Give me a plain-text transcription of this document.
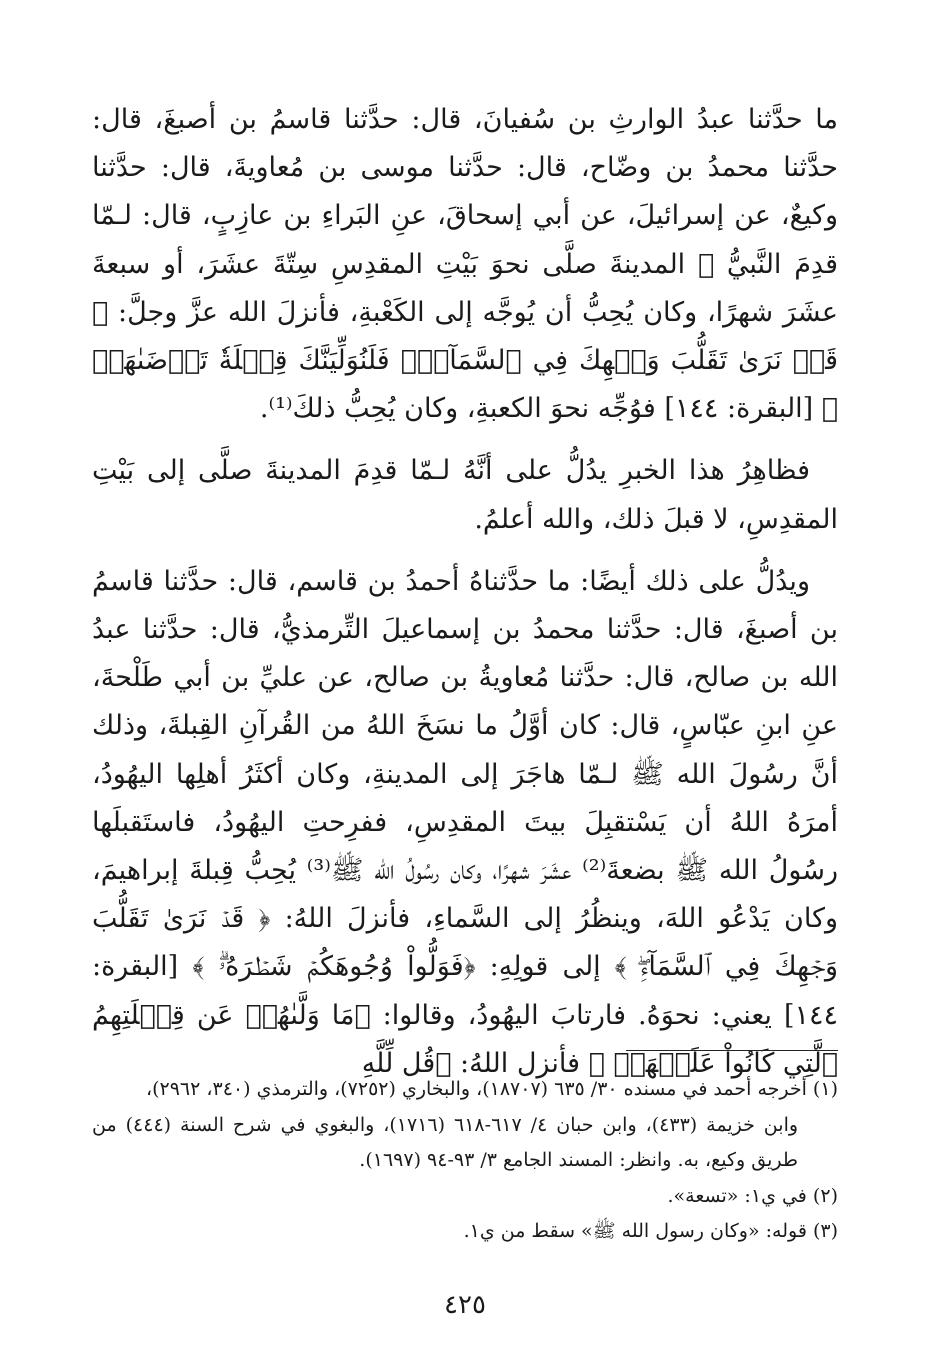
ما حدَّثنا عبدُ الوارثِ بن سُفيانَ، قال: حدَّثنا قاسمُ بن أصبغَ، قال: حدَّثنا محمدُ بن وضّاح، قال: حدَّثنا موسى بن مُعاويةَ، قال: حدَّثنا وكيعٌ، عن إسرائيلَ، عن أبي إسحاقَ، عنِ البَراءِ بن عازِبٍ، قال: لـمّا قدِمَ النَّبيُّ ﷺ المدينةَ صلَّى نحوَ بَيْتِ المقدِسِ سِتّةَ عشَرَ، أو سبعةَ عشَرَ شهرًا، وكان يُحِبُّ أن يُوجَّه إلى الكَعْبةِ، فأنزلَ الله عزَّ وجلَّ: ﴿ قَدۡ نَرَىٰ تَقَلُّبَ وَجۡهِكَ فِي ٱلسَّمَآءِۖ فَلَنُوَلِّيَنَّكَ قِبۡلَةٗ تَرۡضَىٰهَاۚ ﴾ [البقرة: ١٤٤] فوُجِّه نحوَ الكعبةِ، وكان يُحِبُّ ذلكَ⁽¹⁾.

فظاهِرُ هذا الخبرِ يدُلُّ على أنَّهُ لـمّا قدِمَ المدينةَ صلَّى إلى بَيْتِ المقدِسِ، لا قبلَ ذلك، والله أعلمُ.

ويدُلُّ على ذلك أيضًا: ما حدَّثناهُ أحمدُ بن قاسم، قال: حدَّثنا قاسمُ بن أصبغَ، قال: حدَّثنا محمدُ بن إسماعيلَ التِّرمذيُّ، قال: حدَّثنا عبدُ الله بن صالح، قال: حدَّثنا مُعاويةُ بن صالح، عن عليِّ بن أبي طَلْحةَ، عنِ ابنِ عبّاسٍ، قال: كان أوَّلُ ما نسَخَ اللهُ من القُرآنِ القِبلةَ، وذلك أنَّ رسُولَ الله ﷺ لـمّا هاجَرَ إلى المدينةِ، وكان أكثَرُ أهلِها اليهُودُ، أمرَهُ اللهُ أن يَسْتقبِلَ بيتَ المقدِسِ، ففرِحتِ اليهُودُ، فاستَقبلَها رسُولُ الله ﷺ بضعةَ⁽²⁾ عشَرَ شهرًا، وكان رسُولُ الله ﷺ⁽³⁾ يُحِبُّ قِبلةَ إبراهيمَ، وكان يَدْعُو اللهَ، وينظُرُ إلى السَّماءِ، فأنزلَ اللهُ: ﴿ قَدۡ نَرَىٰ تَقَلُّبَ وَجۡهِكَ فِي ٱلسَّمَآءِۖ ﴾ إلى قولِهِ: ﴿فَوَلُّواْ وُجُوهَكُمۡ شَطۡرَهُۥۗ ﴾ [البقرة: ١٤٤] يعني: نحوَهُ. فارتابَ اليهُودُ، وقالوا: ﴿مَا وَلَّىٰهُمۡ عَن قِبۡلَتِهِمُ ٱلَّتِي كَانُواْ عَلَيۡهَاۚ ﴾ فأنزل اللهُ: ﴿قُل لِّلَّهِ

(١) أخرجه أحمد في مسنده ٣٠/ ٦٣٥ (١٨٧٠٧)، والبخاري (٧٢٥٢)، والترمذي (٣٤٠، ٢٩٦٢)،
وابن خزيمة (٤٣٣)، وابن حبان ٤/ ٦١٧-٦١٨ (١٧١٦)، والبغوي في شرح السنة (٤٤٤) من طريق وكيع، به. وانظر: المسند الجامع ٣/ ٩٣-٩٤ (١٦٩٧).

(٢) في ي١: «تسعة».

(٣) قوله: «وكان رسول الله ﷺ» سقط من ي١.

٤٢٥
